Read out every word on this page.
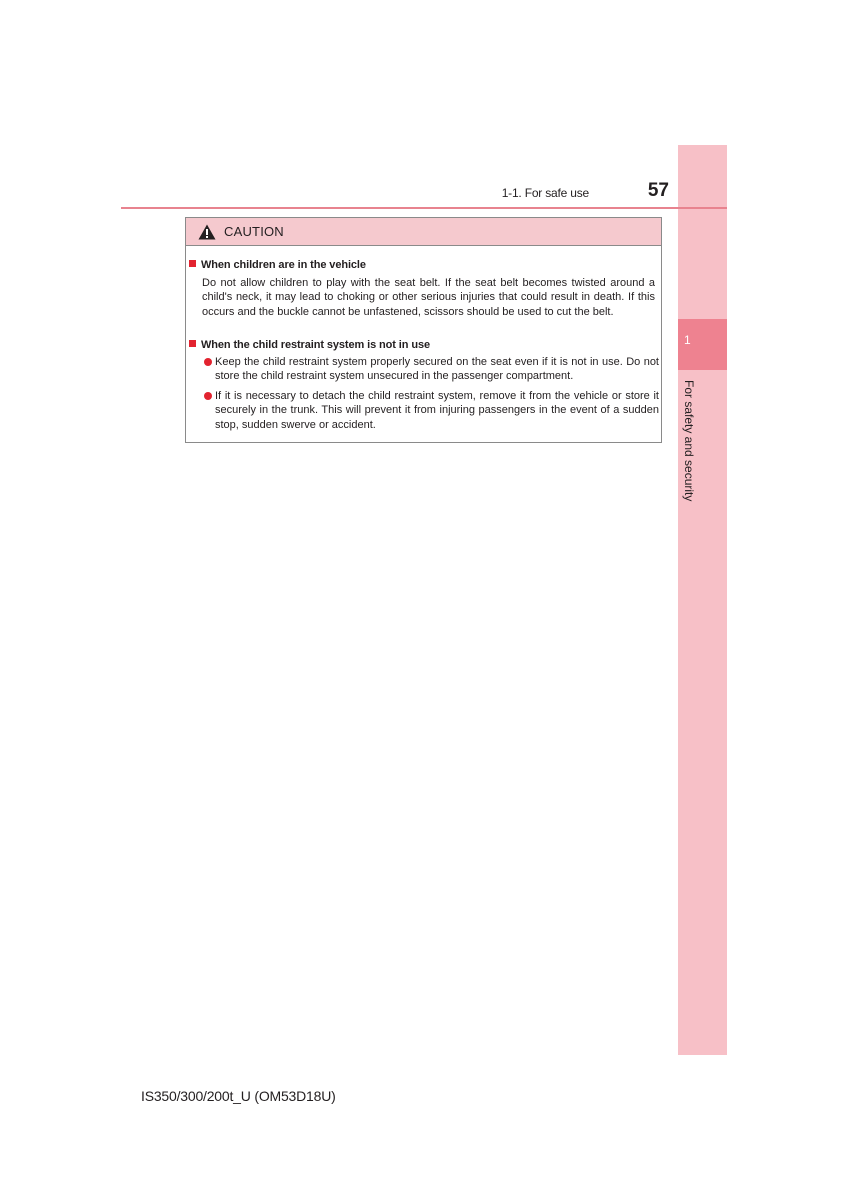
1
For safety and security
1-1. For safe use	57
CAUTION
When children are in the vehicle
Do not allow children to play with the seat belt. If the seat belt becomes twisted around a child's neck, it may lead to choking or other serious injuries that could result in death. If this occurs and the buckle cannot be unfastened, scissors should be used to cut the belt.
When the child restraint system is not in use
Keep the child restraint system properly secured on the seat even if it is not in use. Do not store the child restraint system unsecured in the passenger compartment.
If it is necessary to detach the child restraint system, remove it from the vehicle or store it securely in the trunk. This will prevent it from injuring passengers in the event of a sudden stop, sudden swerve or accident.
IS350/300/200t_U (OM53D18U)
